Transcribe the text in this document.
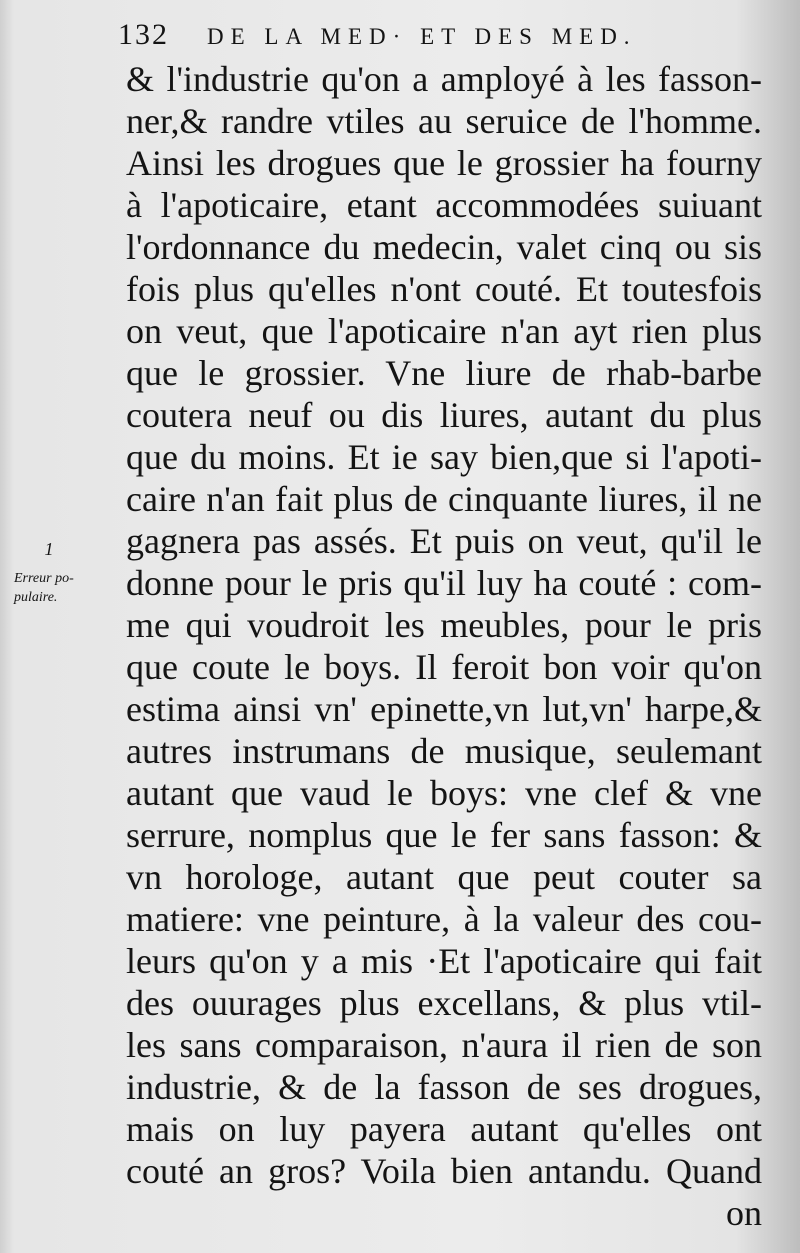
132 DE LA MED· ET DES MED.
& l'industrie qu'on a amployé à les fasson-
ner,& randre vtiles au seruice de l'homme.
Ainsi les drogues que le grossier ha fourny
à l'apoticaire, etant accommodées suiuant
l'ordonnance du medecin, valet cinq ou sis
fois plus qu'elles n'ont couté. Et toutesfois
on veut, que l'apoticaire n'an ayt rien plus
que le grossier. Vne liure de rhab-barbe
coutera neuf ou dis liures, autant du plus
que du moins. Et ie say bien,que si l'apoti-
caire n'an fait plus de cinquante liures, il ne
gagnera pas assés. Et puis on veut, qu'il le
donne pour le pris qu'il luy ha couté : com-
me qui voudroit les meubles, pour le pris
que coute le boys. Il feroit bon voir qu'on
estima ainsi vn' epinette,vn lut,vn' harpe,&
autres instrumans de musique, seulemant
autant que vaud le boys: vne clef & vne
serrure, nomplus que le fer sans fasson: &
vn horologe, autant que peut couter sa
matiere: vne peinture, à la valeur des cou-
leurs qu'on y a mis ·Et l'apoticaire qui fait
des ouurages plus excellans, & plus vtil-
les sans comparaison, n'aura il rien de son
industrie, & de la fasson de ses drogues,
mais on luy payera autant qu'elles ont
couté an gros? Voila bien antandu. Quand
on
1
Erreur po-
pulaire.
